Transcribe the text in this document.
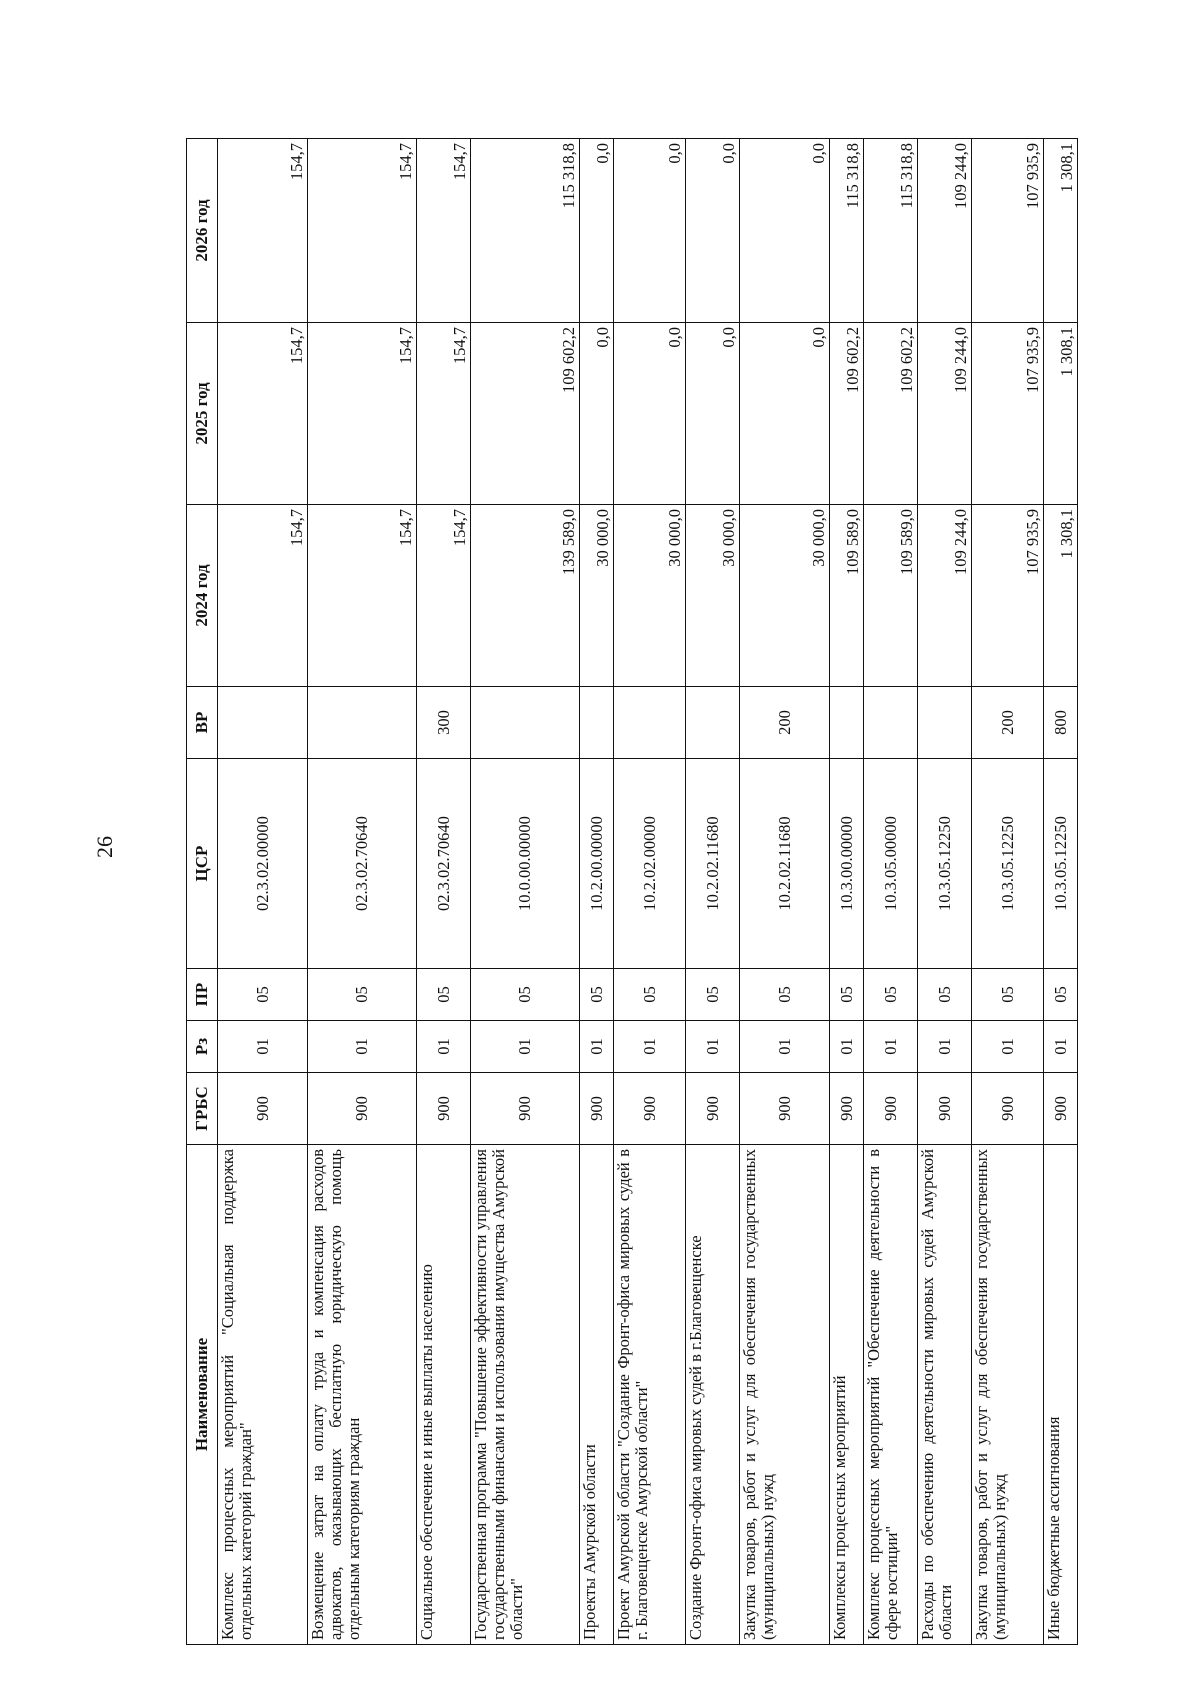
26
Наименование	ГРБС	Рз	ПР	ЦСР	ВР	2024 год	2025 год	2026 год
Комплекс процессных мероприятий "Социальная поддержка отдельных категорий граждан"	900	01	05	02.3.02.00000		154,7	154,7	154,7
Возмещение затрат на оплату труда и компенсация расходов адвокатов, оказывающих бесплатную юридическую помощь отдельным категориям граждан	900	01	05	02.3.02.70640		154,7	154,7	154,7
Социальное обеспечение и иные выплаты населению	900	01	05	02.3.02.70640	300	154,7	154,7	154,7
Государственная программа "Повышение эффективности управления государственными финансами и использования имущества Амурской области"	900	01	05	10.0.00.00000		139 589,0	109 602,2	115 318,8
Проекты Амурской области	900	01	05	10.2.00.00000		30 000,0	0,0	0,0
Проект Амурской области "Создание Фронт-офиса мировых судей в г. Благовещенске Амурской области"	900	01	05	10.2.02.00000		30 000,0	0,0	0,0
Создание Фронт-офиса мировых судей в г.Благовещенске	900	01	05	10.2.02.11680		30 000,0	0,0	0,0
Закупка товаров, работ и услуг для обеспечения государственных (муниципальных) нужд	900	01	05	10.2.02.11680	200	30 000,0	0,0	0,0
Комплексы процессных мероприятий	900	01	05	10.3.00.00000		109 589,0	109 602,2	115 318,8
Комплекс процессных мероприятий "Обеспечение деятельности в сфере юстиции"	900	01	05	10.3.05.00000		109 589,0	109 602,2	115 318,8
Расходы по обеспечению деятельности мировых судей Амурской области	900	01	05	10.3.05.12250		109 244,0	109 244,0	109 244,0
Закупка товаров, работ и услуг для обеспечения государственных (муниципальных) нужд	900	01	05	10.3.05.12250	200	107 935,9	107 935,9	107 935,9
Иные бюджетные ассигнования	900	01	05	10.3.05.12250	800	1 308,1	1 308,1	1 308,1
